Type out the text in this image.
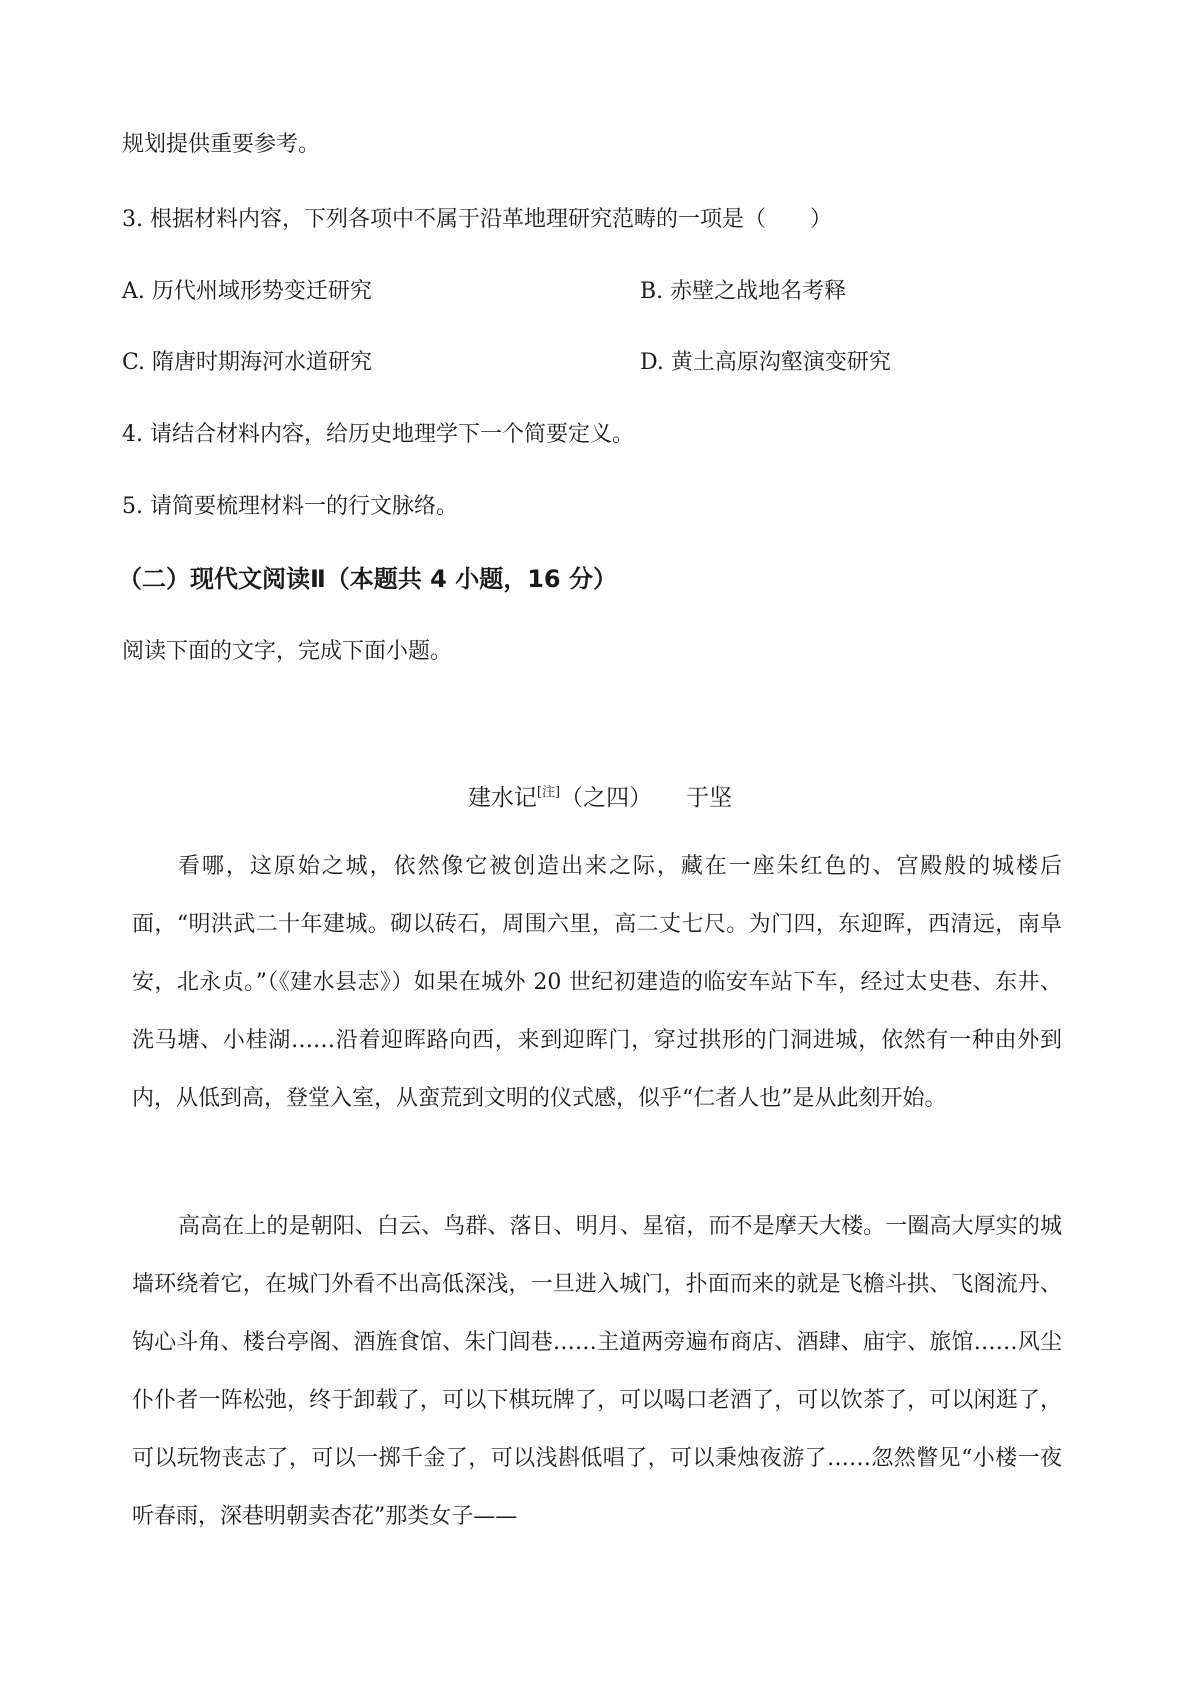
规划提供重要参考。
3. 根据材料内容，下列各项中不属于沿革地理研究范畴的一项是（　　）
A. 历代州域形势变迁研究	B. 赤壁之战地名考释
C. 隋唐时期海河水道研究	D. 黄土高原沟壑演变研究
4. 请结合材料内容，给历史地理学下一个简要定义。
5. 请简要梳理材料一的行文脉络。
（二）现代文阅读Ⅱ（本题共 4 小题，16 分）
阅读下面的文字，完成下面小题。
建水记[注]（之四） 于坚
看哪，这原始之城，依然像它被创造出来之际，藏在一座朱红色的、宫殿般的城楼后面，“明洪武二十年建城。砌以砖石，周围六里，高二丈七尺。为门四，东迎晖，西清远，南阜安，北永贞。”（《建水县志》）如果在城外 20 世纪初建造的临安车站下车，经过太史巷、东井、洗马塘、小桂湖……沿着迎晖路向西，来到迎晖门，穿过拱形的门洞进城，依然有一种由外到内，从低到高，登堂入室，从蛮荒到文明的仪式感，似乎“仁者人也”是从此刻开始。
高高在上的是朝阳、白云、鸟群、落日、明月、星宿，而不是摩天大楼。一圈高大厚实的城墙环绕着它，在城门外看不出高低深浅，一旦进入城门，扑面而来的就是飞檐斗拱、飞阁流丹、钩心斗角、楼台亭阁、酒旌食馆、朱门闾巷……主道两旁遍布商店、酒肆、庙宇、旅馆……风尘仆仆者一阵松弛，终于卸载了，可以下棋玩牌了，可以喝口老酒了，可以饮茶了，可以闲逛了，可以玩物丧志了，可以一掷千金了，可以浅斟低唱了，可以秉烛夜游了……忽然瞥见“小楼一夜听春雨，深巷明朝卖杏花”那类女子——
